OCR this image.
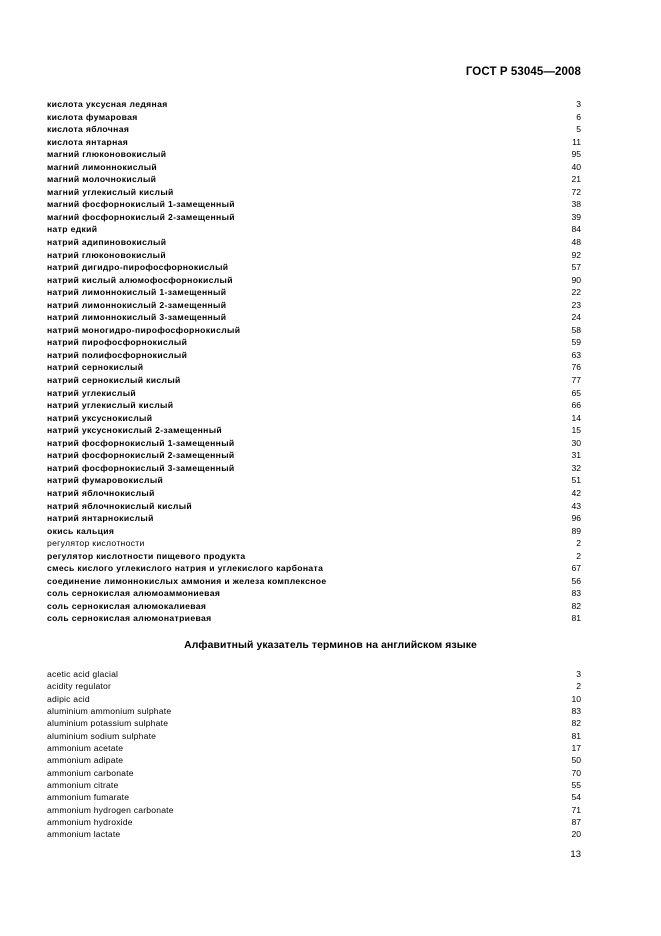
ГОСТ Р 53045—2008
кислота уксусная ледяная	3
кислота фумаровая	6
кислота яблочная	5
кислота янтарная	11
магний глюконовокислый	95
магний лимоннокислый	40
магний молочнокислый	21
магний углекислый кислый	72
магний фосфорнокислый 1-замещенный	38
магний фосфорнокислый 2-замещенный	39
натр едкий	84
натрий адипиновокислый	48
натрий глюконовокислый	92
натрий дигидро-пирофосфорнокислый	57
натрий кислый алюмофосфорнокислый	90
натрий лимоннокислый 1-замещенный	22
натрий лимоннокислый 2-замещенный	23
натрий лимоннокислый 3-замещенный	24
натрий моногидро-пирофосфорнокислый	58
натрий пирофосфорнокислый	59
натрий полифосфорнокислый	63
натрий сернокислый	76
натрий сернокислый кислый	77
натрий углекислый	65
натрий углекислый кислый	66
натрий уксуснокислый	14
натрий уксуснокислый 2-замещенный	15
натрий фосфорнокислый 1-замещенный	30
натрий фосфорнокислый 2-замещенный	31
натрий фосфорнокислый 3-замещенный	32
натрий фумаровокислый	51
натрий яблочнокислый	42
натрий яблочнокислый кислый	43
натрий янтарнокислый	96
окись кальция	89
регулятор кислотности	2
регулятор кислотности пищевого продукта	2
смесь кислого углекислого натрия и углекислого карбоната	67
соединение лимоннокислых аммония и железа комплексное	56
соль сернокислая алюмоаммониевая	83
соль сернокислая алюмокалиевая	82
соль сернокислая алюмонатриевая	81
Алфавитный указатель терминов на английском языке
acetic acid glacial	3
acidity regulator	2
adipic acid	10
aluminium ammonium sulphate	83
aluminium potassium sulphate	82
aluminium sodium sulphate	81
ammonium acetate	17
ammonium adipate	50
ammonium carbonate	70
ammonium citrate	55
ammonium fumarate	54
ammonium hydrogen carbonate	71
ammonium hydroxide	87
ammonium lactate	20
13
